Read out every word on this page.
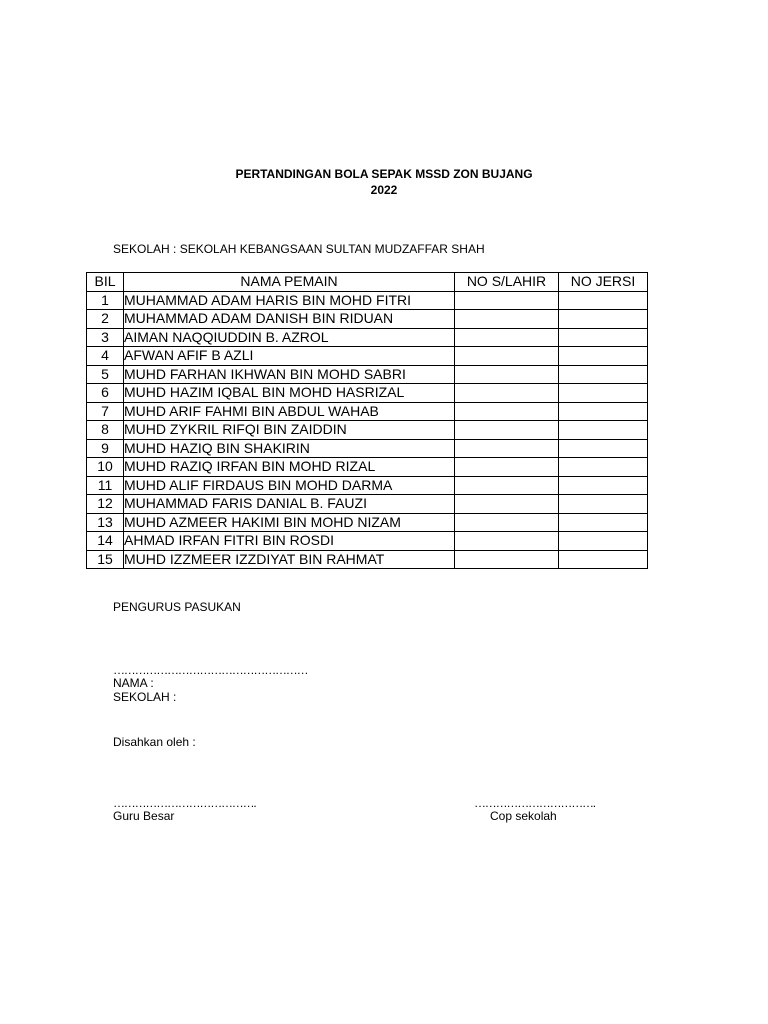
PERTANDINGAN BOLA SEPAK MSSD ZON BUJANG
2022
SEKOLAH : SEKOLAH KEBANGSAAN SULTAN MUDZAFFAR SHAH
BIL	NAMA PEMAIN	NO S/LAHIR	NO JERSI
1	MUHAMMAD ADAM HARIS BIN MOHD FITRI		
2	MUHAMMAD ADAM DANISH BIN RIDUAN		
3	AIMAN NAQQIUDDIN B. AZROL		
4	AFWAN AFIF B AZLI		
5	MUHD FARHAN IKHWAN BIN MOHD SABRI		
6	MUHD HAZIM IQBAL BIN MOHD HASRIZAL		
7	MUHD ARIF FAHMI BIN ABDUL WAHAB		
8	MUHD ZYKRIL RIFQI BIN ZAIDDIN		
9	MUHD HAZIQ BIN SHAKIRIN		
10	MUHD RAZIQ IRFAN BIN MOHD RIZAL		
11	MUHD ALIF FIRDAUS BIN MOHD DARMA		
12	MUHAMMAD FARIS DANIAL B. FAUZI		
13	MUHD AZMEER HAKIMI BIN MOHD NIZAM		
14	AHMAD IRFAN FITRI BIN ROSDI		
15	MUHD IZZMEER IZZDIYAT BIN RAHMAT		
PENGURUS PASUKAN
………………………………………………
NAMA :
SEKOLAH :
Disahkan oleh :
………………………………….
Guru Besar
…………………………….
Cop sekolah
